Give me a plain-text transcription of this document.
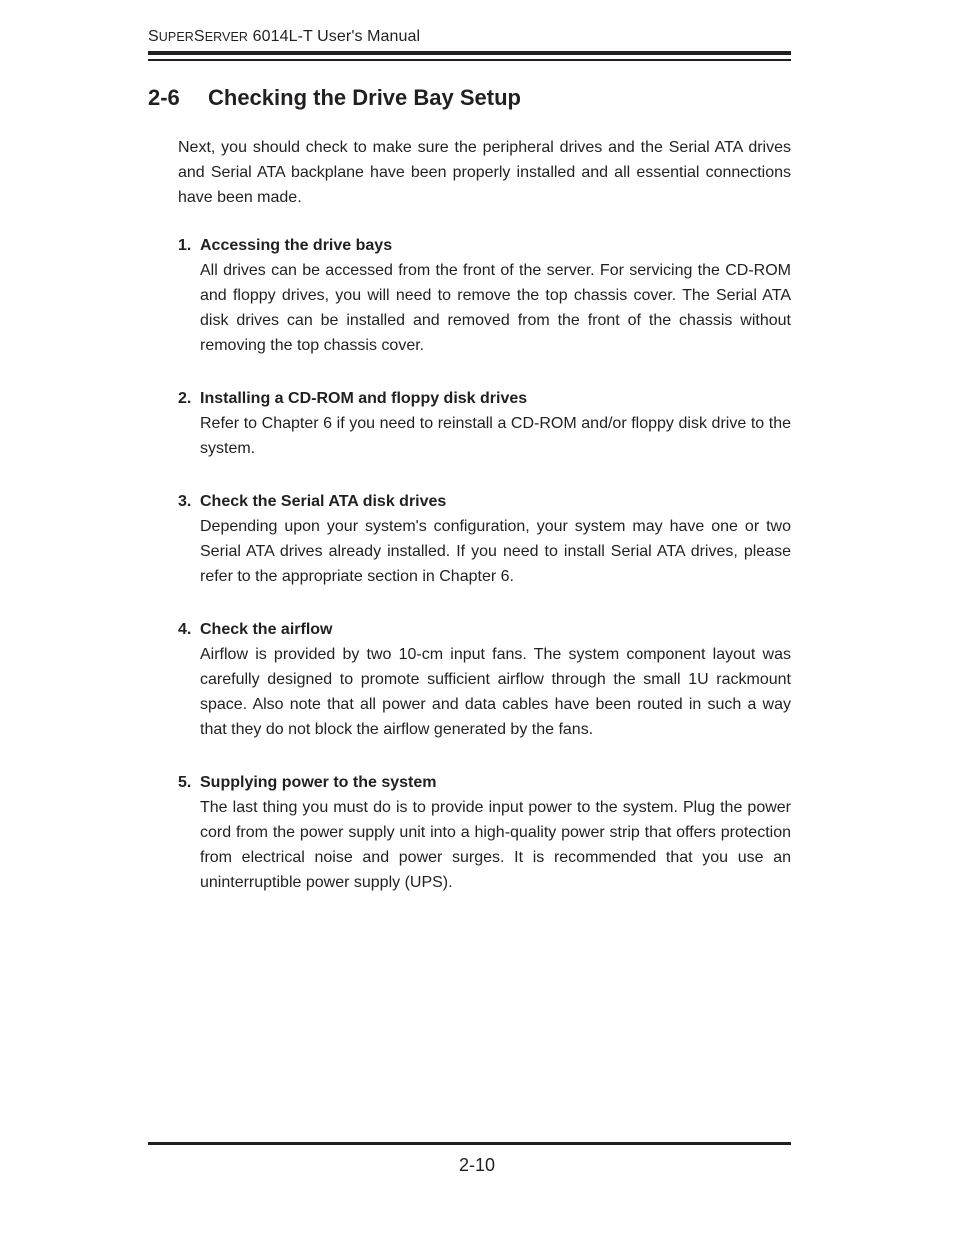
SUPERSERVER 6014L-T User's Manual
2-6 Checking the Drive Bay Setup

Next, you should check to make sure the peripheral drives and the Serial ATA drives and Serial ATA backplane have been properly installed and all essential connections have been made.

1. Accessing the drive bays

All drives can be accessed from the front of the server. For servicing the CD-ROM and floppy drives, you will need to remove the top chassis cover. The Serial ATA disk drives can be installed and removed from the front of the chassis without removing the top chassis cover.

2. Installing a CD-ROM and floppy disk drives

Refer to Chapter 6 if you need to reinstall a CD-ROM and/or floppy disk drive to the system.

3. Check the Serial ATA disk drives

Depending upon your system's configuration, your system may have one or two Serial ATA drives already installed. If you need to install Serial ATA drives, please refer to the appropriate section in Chapter 6.

4. Check the airflow

Airflow is provided by two 10-cm input fans. The system component layout was carefully designed to promote sufficient airflow through the small 1U rackmount space. Also note that all power and data cables have been routed in such a way that they do not block the airflow generated by the fans.

5. Supplying power to the system

The last thing you must do is to provide input power to the system. Plug the power cord from the power supply unit into a high-quality power strip that offers protection from electrical noise and power surges. It is recommended that you use an uninterruptible power supply (UPS).

2-10
